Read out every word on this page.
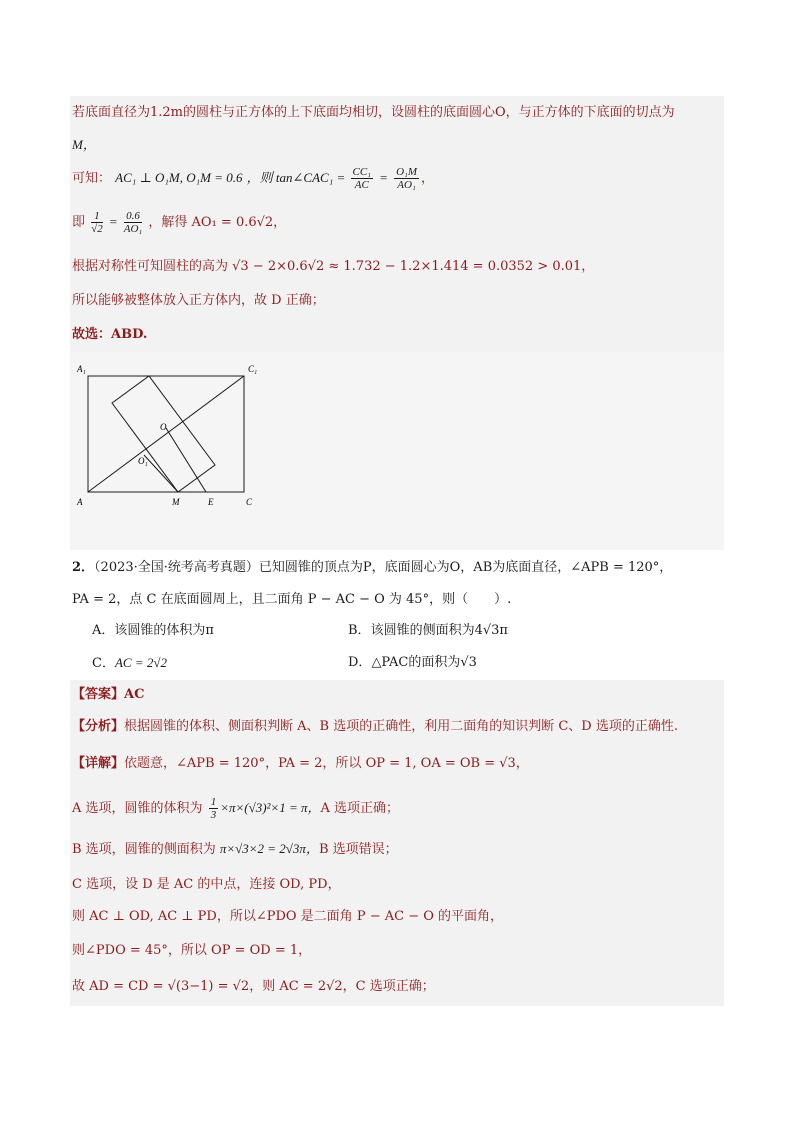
若底面直径为1.2m的圆柱与正方体的上下底面均相切，设圆柱的底面圆心O，与正方体的下底面的切点为
M，
可知： AC₁ ⊥ O₁M, O₁M = 0.6 ，则 tan∠CAC₁ = $\frac{\text{CC₁}}{AC} = \frac{\text{O₁M}}{\text{AO₁}}$ ，
即 $\frac{1}{√2} = \frac{0.6}{\text{AO₁}}$ ，解得 AO₁ = 0.6√2，
根据对称性可知圆柱的高为 √3 − 2×0.6√2 ≈ 1.732 − 1.2×1.414 = 0.0352 > 0.01，
所以能够被整体放入正方体内，故 D 正确；
故选：ABD.
A₁	C₁
O
O₁
A	M	E	C
2．（2023·全国·统考高考真题）已知圆锥的顶点为P，底面圆心为O，AB为底面直径，∠APB = 120°，
PA = 2，点 C 在底面圆周上，且二面角 P − AC − O 为 45°，则（　　）.
A．该圆锥的体积为π	B．该圆锥的侧面积为4√3π
C．AC = 2√2	D．△PAC的面积为√3
【答案】AC
【分析】根据圆锥的体积、侧面积判断 A、B 选项的正确性，利用二面角的知识判断 C、D 选项的正确性.
【详解】依题意，∠APB = 120°，PA = 2，所以 OP = 1, OA = OB = √3，
A 选项，圆锥的体积为 $\frac{1}{3} \times\pi\times(√3)^2\times 1 = \pi$，A 选项正确；
B 选项，圆锥的侧面积为 π×√3×2 = 2√3π，B 选项错误；
C 选项，设 D 是 AC 的中点，连接 OD, PD，
则 AC ⊥ OD, AC ⊥ PD，所以∠PDO 是二面角 P − AC − O 的平面角，
则∠PDO = 45°，所以 OP = OD = 1，
故 AD = CD = √(3−1) = √2，则 AC = 2√2，C 选项正确；
